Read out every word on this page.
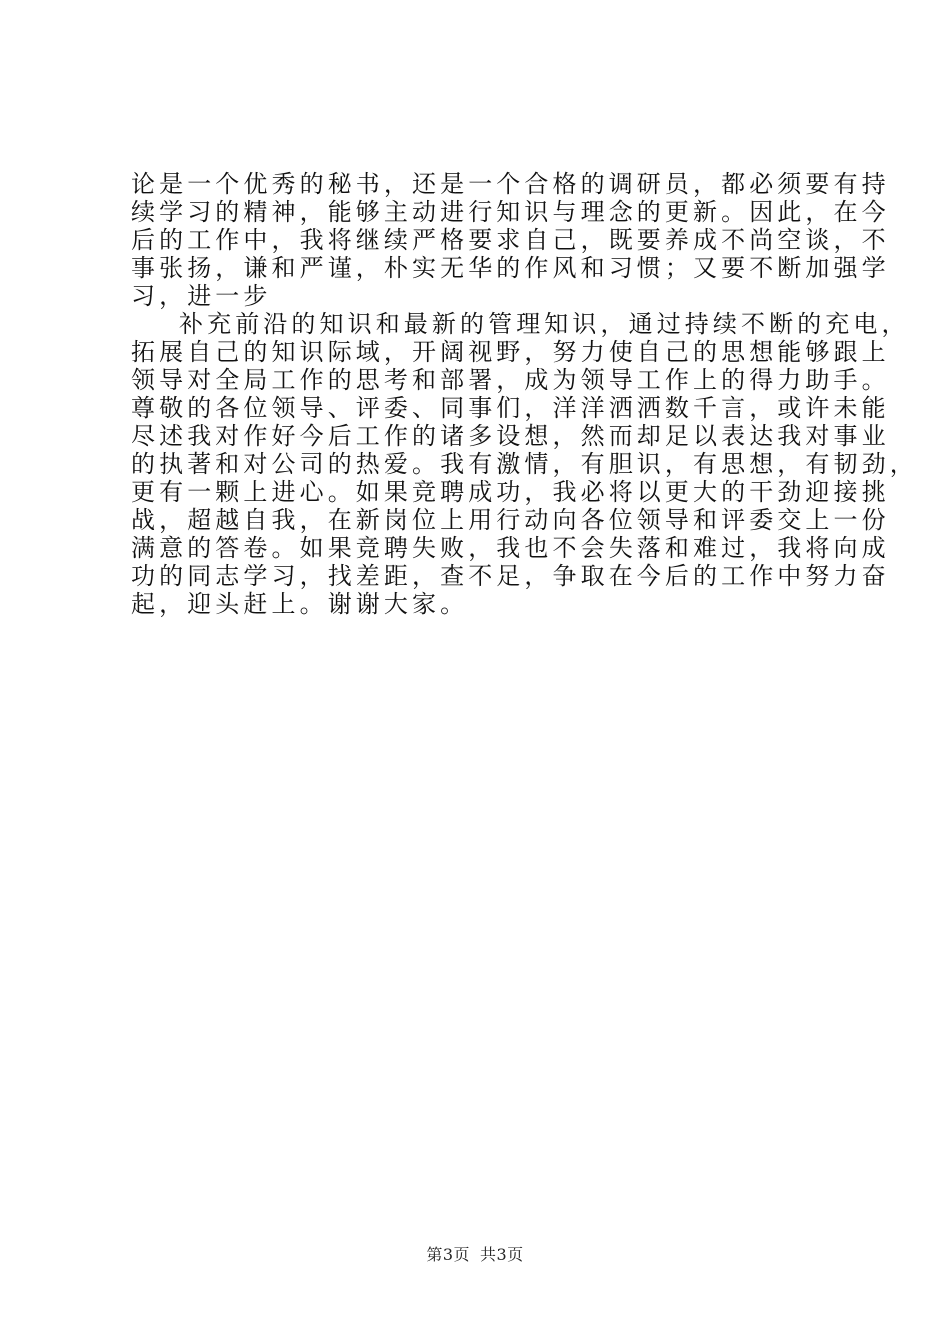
论是一个优秀的秘书，还是一个合格的调研员，都必须要有持
续学习的精神，能够主动进行知识与理念的更新。因此，在今
后的工作中，我将继续严格要求自己，既要养成不尚空谈，不
事张扬，谦和严谨，朴实无华的作风和习惯；又要不断加强学
习，进一步
补充前沿的知识和最新的管理知识，通过持续不断的充电，
拓展自己的知识际域，开阔视野，努力使自己的思想能够跟上
领导对全局工作的思考和部署，成为领导工作上的得力助手。
尊敬的各位领导、评委、同事们，洋洋洒洒数千言，或许未能
尽述我对作好今后工作的诸多设想，然而却足以表达我对事业
的执著和对公司的热爱。我有激情，有胆识，有思想，有韧劲，
更有一颗上进心。如果竞聘成功，我必将以更大的干劲迎接挑
战，超越自我，在新岗位上用行动向各位领导和评委交上一份
满意的答卷。如果竞聘失败，我也不会失落和难过，我将向成
功的同志学习，找差距，查不足，争取在今后的工作中努力奋
起，迎头赶上。谢谢大家。
第3页 共3页
